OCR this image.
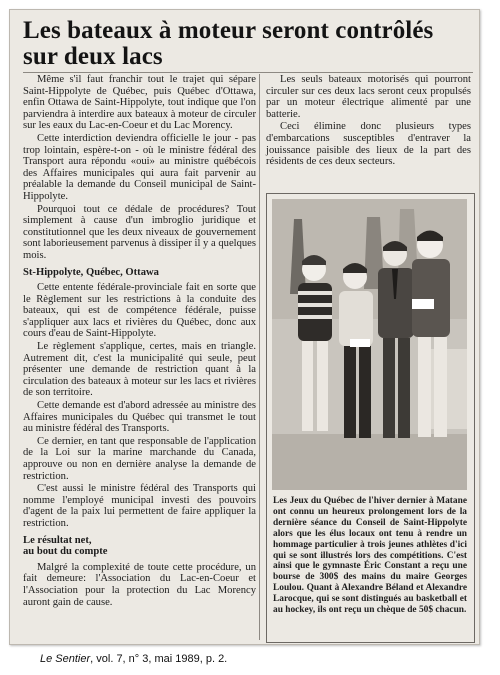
Les bateaux à moteur seront contrôlés sur deux lacs

Même s'il faut franchir tout le trajet qui sépare Saint-Hippolyte de Québec, puis Québec d'Ottawa, enfin Ottawa de Saint-Hippolyte, tout indique que l'on parviendra à interdire aux bateaux à moteur de circuler sur les eaux du Lac-en-Coeur et du Lac Morency.

Cette interdiction deviendra officielle le jour - pas trop lointain, espère-t-on - où le ministre fédéral des Transport aura répondu «oui» au ministre québécois des Affaires municipales qui aura fait parvenir au préalable la demande du Conseil municipal de Saint-Hippolyte.

Pourquoi tout ce dédale de procédures? Tout simplement à cause d'un imbroglio juridique et constitutionnel que les deux niveaux de gouvernement sont laborieusement parvenus à dissiper il y a quelques mois.

St-Hippolyte, Québec, Ottawa

Cette entente fédérale-provinciale fait en sorte que le Règlement sur les restrictions à la conduite des bateaux, qui est de compétence fédérale, puisse s'appliquer aux lacs et rivières du Québec, donc aux cours d'eau de Saint-Hippolyte.

Le règlement s'applique, certes, mais en triangle. Autrement dit, c'est la municipalité qui seule, peut présenter une demande de restriction quant à la circulation des bateaux à moteur sur les lacs et rivières de son territoire.

Cette demande est d'abord adressée au ministre des Affaires municipales du Québec qui transmet le tout au ministre fédéral des Transports.

Ce dernier, en tant que responsable de l'application de la Loi sur la marine marchande du Canada, approuve ou non en dernière analyse la demande de restriction.

C'est aussi le ministre fédéral des Transports qui nomme l'employé municipal investi des pouvoirs d'agent de la paix lui permettent de faire appliquer la restriction.

Le résultat net,
au bout du compte

Malgré la complexité de toute cette procédure, un fait demeure: l'Association du Lac-en-Coeur et l'Association pour la protection du Lac Morency auront gain de cause.

Les seuls bateaux motorisés qui pourront circuler sur ces deux lacs seront ceux propulsés par un moteur électrique alimenté par une batterie.

Ceci élimine donc plusieurs types d'embarcations susceptibles d'entraver la jouissance paisible des lieux de la part des résidents de ces deux secteurs.

Les Jeux du Québec de l'hiver dernier à Matane ont connu un heureux prolongement lors de la dernière séance du Conseil de Saint-Hippolyte alors que les élus locaux ont tenu à rendre un hommage particulier à trois jeunes athlètes d'ici qui se sont illustrés lors des compétitions. C'est ainsi que le gymnaste Éric Constant a reçu une bourse de 300$ des mains du maire Georges Loulou. Quant à Alexandre Béland et Alexandre Larocque, qui se sont distingués au basketball et au hockey, ils ont reçu un chèque de 50$ chacun.

Le Sentier, vol. 7, n° 3, mai 1989, p. 2.
